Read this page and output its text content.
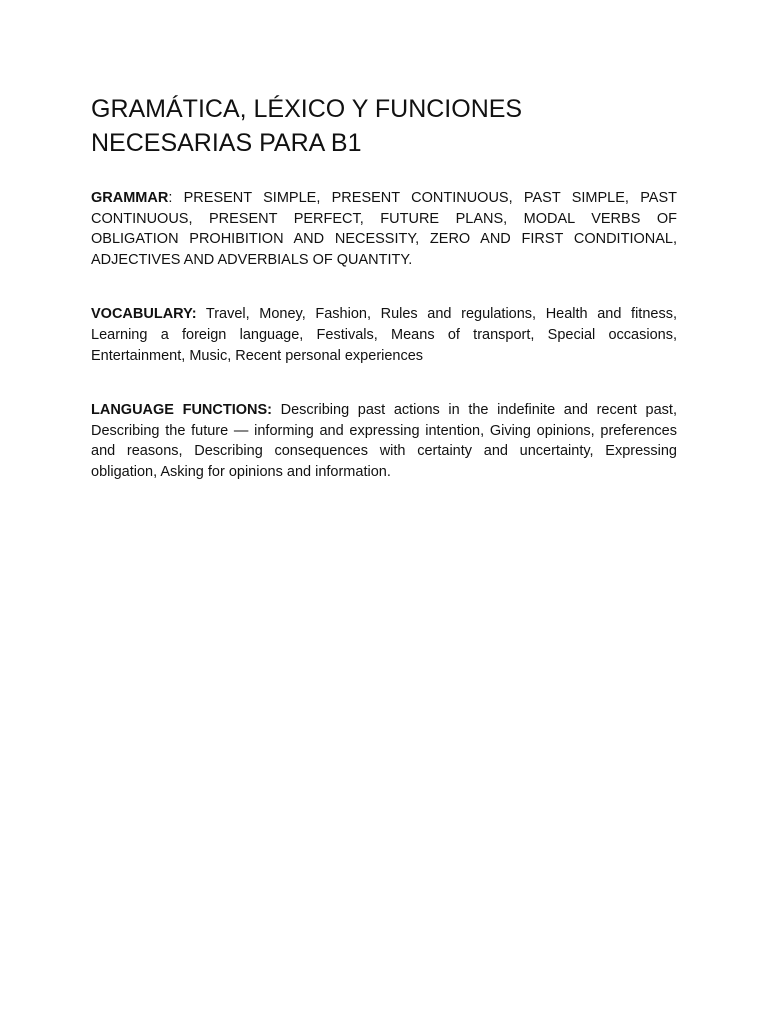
GRAMÁTICA, LÉXICO Y FUNCIONES
NECESARIAS PARA B1

GRAMMAR: PRESENT SIMPLE, PRESENT CONTINUOUS, PAST SIMPLE, PAST CONTINUOUS, PRESENT PERFECT, FUTURE PLANS, MODAL VERBS OF OBLIGATION PROHIBITION AND NECESSITY, ZERO AND FIRST CONDITIONAL, ADJECTIVES AND ADVERBIALS OF QUANTITY.

VOCABULARY: Travel, Money, Fashion, Rules and regulations, Health and fitness, Learning a foreign language, Festivals, Means of transport, Special occasions, Entertainment, Music, Recent personal experiences

LANGUAGE FUNCTIONS: Describing past actions in the indefinite and recent past, Describing the future — informing and expressing intention, Giving opinions, preferences and reasons, Describing consequences with certainty and uncertainty, Expressing obligation, Asking for opinions and information.
